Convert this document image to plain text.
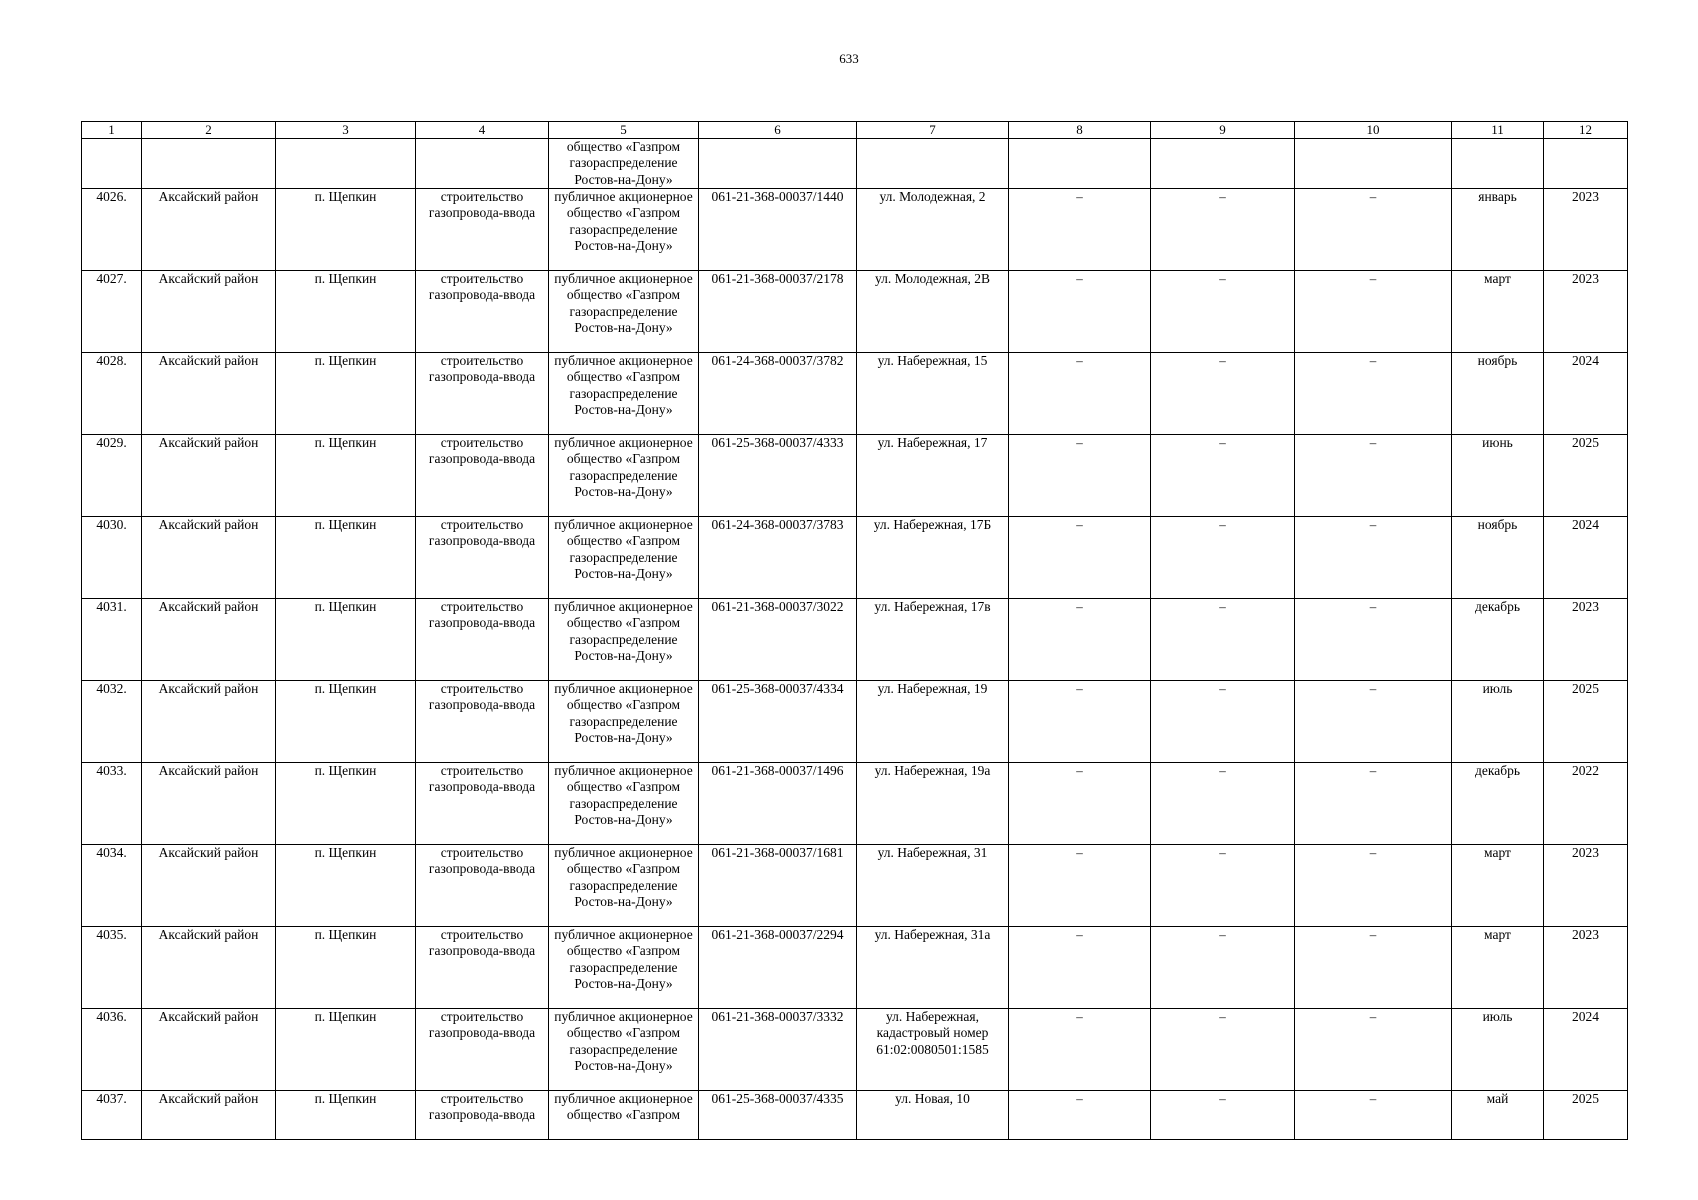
633
1	2	3	4	5	6	7	8	9	10	11	12
				общество «Газпром газораспределение Ростов-на-Дону»							
4026.	Аксайский район	п. Щепкин	строительство газопровода-ввода	публичное акционерное общество «Газпром газораспределение Ростов-на-Дону»	061-21-368-00037/1440	ул. Молодежная, 2	–	–	–	январь	2023
4027.	Аксайский район	п. Щепкин	строительство газопровода-ввода	публичное акционерное общество «Газпром газораспределение Ростов-на-Дону»	061-21-368-00037/2178	ул. Молодежная, 2В	–	–	–	март	2023
4028.	Аксайский район	п. Щепкин	строительство газопровода-ввода	публичное акционерное общество «Газпром газораспределение Ростов-на-Дону»	061-24-368-00037/3782	ул. Набережная, 15	–	–	–	ноябрь	2024
4029.	Аксайский район	п. Щепкин	строительство газопровода-ввода	публичное акционерное общество «Газпром газораспределение Ростов-на-Дону»	061-25-368-00037/4333	ул. Набережная, 17	–	–	–	июнь	2025
4030.	Аксайский район	п. Щепкин	строительство газопровода-ввода	публичное акционерное общество «Газпром газораспределение Ростов-на-Дону»	061-24-368-00037/3783	ул. Набережная, 17Б	–	–	–	ноябрь	2024
4031.	Аксайский район	п. Щепкин	строительство газопровода-ввода	публичное акционерное общество «Газпром газораспределение Ростов-на-Дону»	061-21-368-00037/3022	ул. Набережная, 17в	–	–	–	декабрь	2023
4032.	Аксайский район	п. Щепкин	строительство газопровода-ввода	публичное акционерное общество «Газпром газораспределение Ростов-на-Дону»	061-25-368-00037/4334	ул. Набережная, 19	–	–	–	июль	2025
4033.	Аксайский район	п. Щепкин	строительство газопровода-ввода	публичное акционерное общество «Газпром газораспределение Ростов-на-Дону»	061-21-368-00037/1496	ул. Набережная, 19а	–	–	–	декабрь	2022
4034.	Аксайский район	п. Щепкин	строительство газопровода-ввода	публичное акционерное общество «Газпром газораспределение Ростов-на-Дону»	061-21-368-00037/1681	ул. Набережная, 31	–	–	–	март	2023
4035.	Аксайский район	п. Щепкин	строительство газопровода-ввода	публичное акционерное общество «Газпром газораспределение Ростов-на-Дону»	061-21-368-00037/2294	ул. Набережная, 31а	–	–	–	март	2023
4036.	Аксайский район	п. Щепкин	строительство газопровода-ввода	публичное акционерное общество «Газпром газораспределение Ростов-на-Дону»	061-21-368-00037/3332	ул. Набережная, кадастровый номер 61:02:0080501:1585	–	–	–	июль	2024
4037.	Аксайский район	п. Щепкин	строительство газопровода-ввода	публичное акционерное общество «Газпром	061-25-368-00037/4335	ул. Новая, 10	–	–	–	май	2025
